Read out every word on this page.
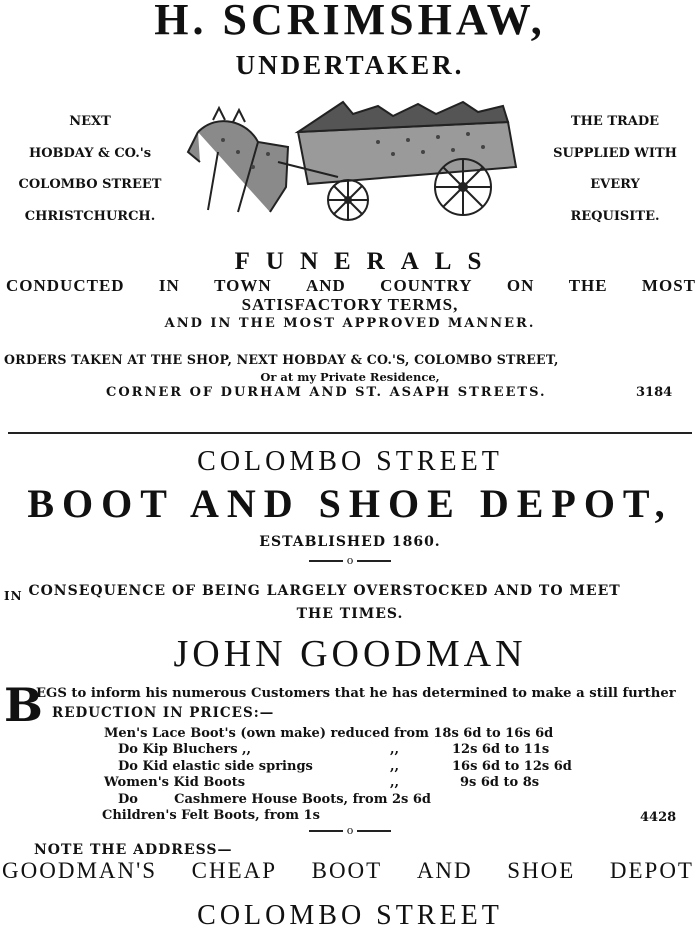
H. SCRIMSHAW,
UNDERTAKER.
NEXT
HOBDAY & CO.'s
COLOMBO STREET
CHRISTCHURCH.
THE TRADE
SUPPLIED WITH
EVERY
REQUISITE.
FUNERALS
CONDUCTED IN TOWN AND COUNTRY ON THE MOST
SATISFACTORY TERMS,
AND IN THE MOST APPROVED MANNER.
ORDERS TAKEN AT THE SHOP, NEXT HOBDAY & CO.'S, COLOMBO STREET,
Or at my Private Residence,
CORNER OF DURHAM AND ST. ASAPH STREETS.	3184
COLOMBO STREET
BOOT AND SHOE DEPOT,
ESTABLISHED 1860.
o
IN CONSEQUENCE OF BEING LARGELY OVERSTOCKED AND TO MEET
THE TIMES.
JOHN GOODMAN
B
EGS to inform his numerous Customers that he has determined to make a still further
REDUCTION IN PRICES:—
Men's Lace Boot's (own make) reduced from 18s 6d to 16s 6d
Do Kip Bluchers ,,	,,	12s 6d to 11s
Do Kid elastic side springs	,,	16s 6d to 12s 6d
Women's Kid Boots	,,	9s 6d to 8s
Do        Cashmere House Boots, from 2s 6d
Children's Felt Boots, from 1s
o
4428
NOTE THE ADDRESS—
GOODMAN'S CHEAP BOOT AND SHOE DEPOT
COLOMBO STREET
